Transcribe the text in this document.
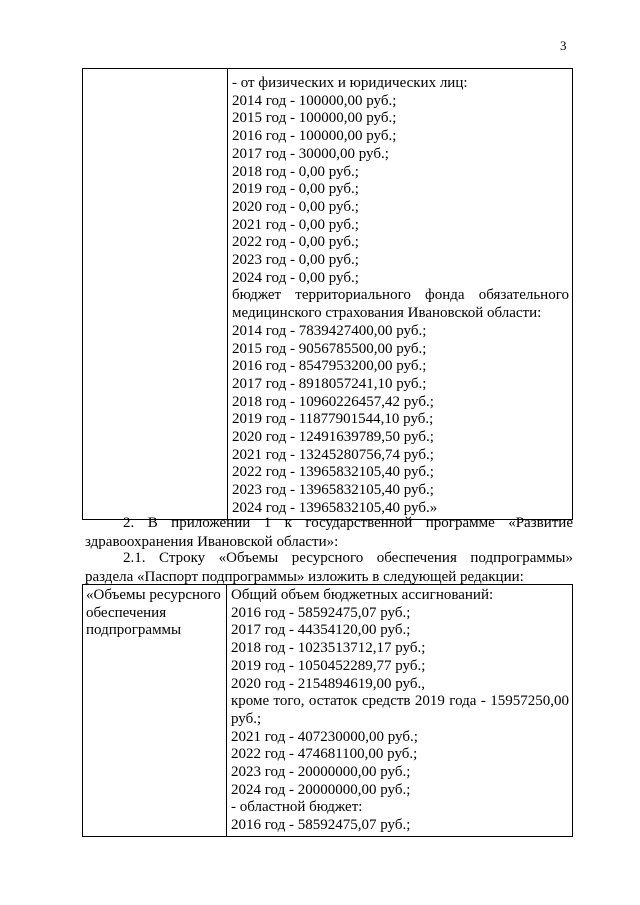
3

- от физических и юридических лиц:
2014 год - 100000,00 руб.;
2015 год - 100000,00 руб.;
2016 год - 100000,00 руб.;
2017 год - 30000,00 руб.;
2018 год - 0,00 руб.;
2019 год - 0,00 руб.;
2020 год - 0,00 руб.;
2021 год - 0,00 руб.;
2022 год - 0,00 руб.;
2023 год - 0,00 руб.;
2024 год - 0,00 руб.;
бюджет территориального фонда обязательного медицинского страхования Ивановской области:
2014 год - 7839427400,00 руб.;
2015 год - 9056785500,00 руб.;
2016 год - 8547953200,00 руб.;
2017 год - 8918057241,10 руб.;
2018 год - 10960226457,42 руб.;
2019 год - 11877901544,10 руб.;
2020 год - 12491639789,50 руб.;
2021 год - 13245280756,74 руб.;
2022 год - 13965832105,40 руб.;
2023 год - 13965832105,40 руб.;
2024 год - 13965832105,40 руб.»
2. В приложении 1 к государственной программе «Развитие здравоохранения Ивановской области»:
2.1. Строку «Объемы ресурсного обеспечения подпрограммы» раздела «Паспорт подпрограммы» изложить в следующей редакции:
«Объемы ресурсного
обеспечения
подпрограммы

Общий объем бюджетных ассигнований:
2016 год - 58592475,07 руб.;
2017 год - 44354120,00 руб.;
2018 год - 1023513712,17 руб.;
2019 год - 1050452289,77 руб.;
2020 год - 2154894619,00 руб.,
кроме того, остаток средств 2019 года - 15957250,00 руб.;
2021 год - 407230000,00 руб.;
2022 год - 474681100,00 руб.;
2023 год - 20000000,00 руб.;
2024 год - 20000000,00 руб.;
- областной бюджет:
2016 год - 58592475,07 руб.;
